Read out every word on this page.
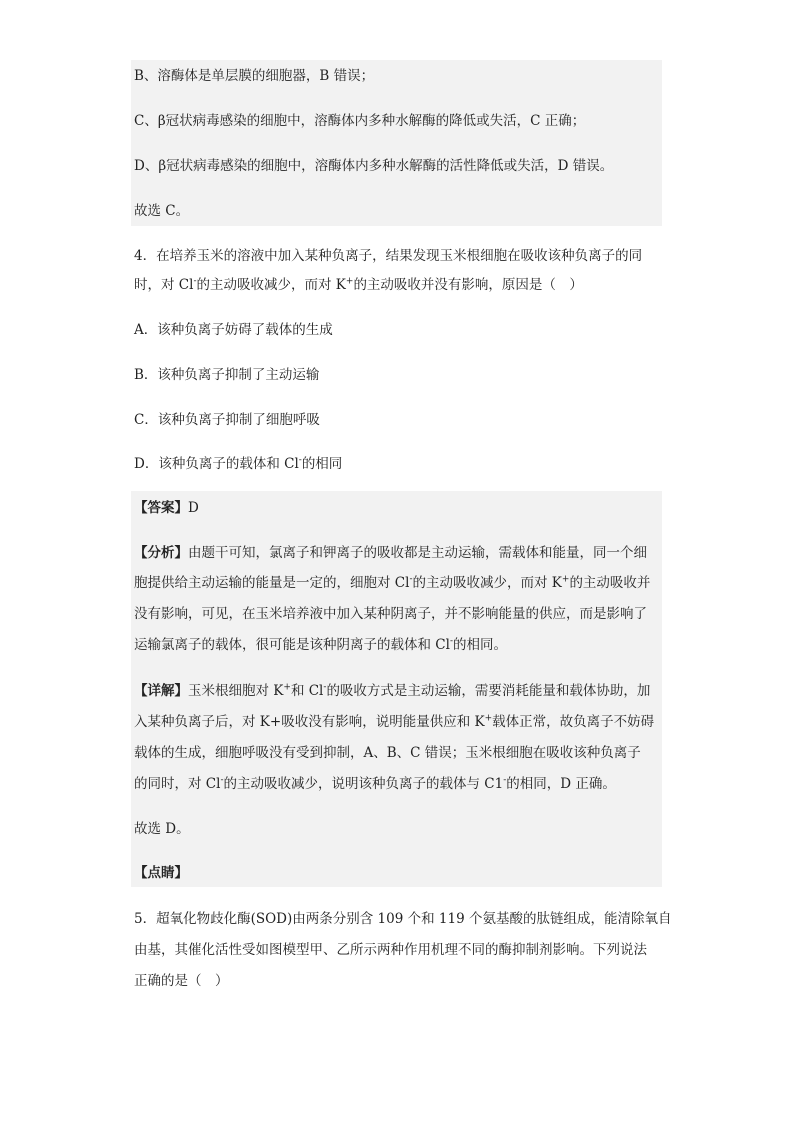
B、溶酶体是单层膜的细胞器，B 错误；
C、β冠状病毒感染的细胞中，溶酶体内多种水解酶的降低或失活，C 正确；
D、β冠状病毒感染的细胞中，溶酶体内多种水解酶的活性降低或失活，D 错误。
故选 C。
4．在培养玉米的溶液中加入某种负离子，结果发现玉米根细胞在吸收该种负离子的同
时，对 Cl-的主动吸收减少，而对 K+的主动吸收并没有影响，原因是（　）
A．该种负离子妨碍了载体的生成
B．该种负离子抑制了主动运输
C．该种负离子抑制了细胞呼吸
D．该种负离子的载体和 Cl-的相同
【答案】D
【分析】由题干可知，氯离子和钾离子的吸收都是主动运输，需载体和能量，同一个细
胞提供给主动运输的能量是一定的，细胞对 Cl-的主动吸收减少，而对 K+的主动吸收并
没有影响，可见，在玉米培养液中加入某种阴离子，并不影响能量的供应，而是影响了
运输氯离子的载体，很可能是该种阴离子的载体和 Cl-的相同。
【详解】玉米根细胞对 K+和 Cl-的吸收方式是主动运输，需要消耗能量和载体协助，加
入某种负离子后，对 K+吸收没有影响，说明能量供应和 K+载体正常，故负离子不妨碍
载体的生成，细胞呼吸没有受到抑制，A、B、C 错误；玉米根细胞在吸收该种负离子
的同时，对 Cl-的主动吸收减少，说明该种负离子的载体与 C1-的相同，D 正确。
故选 D。
【点睛】
5．超氧化物歧化酶(SOD)由两条分别含 109 个和 119 个氨基酸的肽链组成，能清除氧自
由基，其催化活性受如图模型甲、乙所示两种作用机理不同的酶抑制剂影响。下列说法
正确的是（　）
